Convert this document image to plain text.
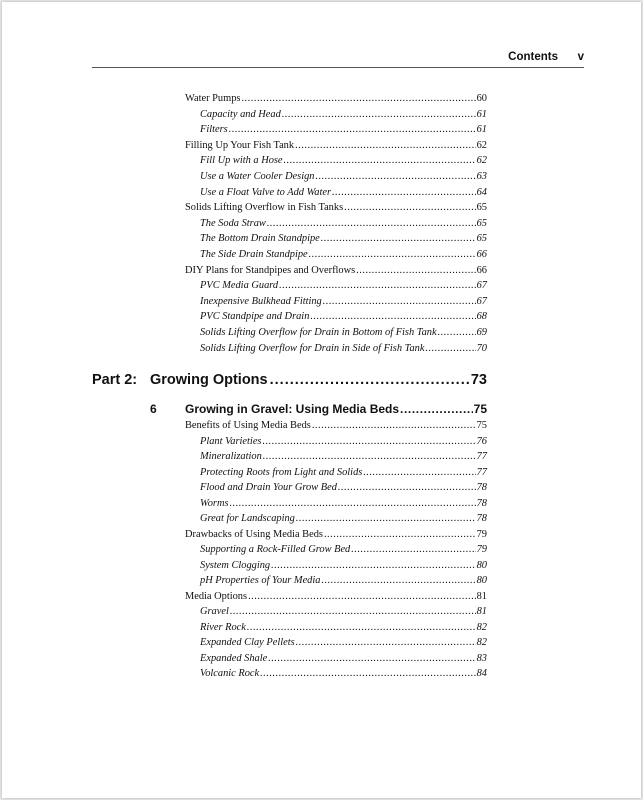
Contents v
Water Pumps .....	60
Capacity and Head .....	61
Filters .....	61
Filling Up Your Fish Tank .....	62
Fill Up with a Hose .....	62
Use a Water Cooler Design .....	63
Use a Float Valve to Add Water .....	64
Solids Lifting Overflow in Fish Tanks .....	65
The Soda Straw .....	65
The Bottom Drain Standpipe .....	65
The Side Drain Standpipe .....	66
DIY Plans for Standpipes and Overflows .....	66
PVC Media Guard .....	67
Inexpensive Bulkhead Fitting .....	67
PVC Standpipe and Drain .....	68
Solids Lifting Overflow for Drain in Bottom of Fish Tank .....	69
Solids Lifting Overflow for Drain in Side of Fish Tank .....	70
Part 2: Growing Options .....	73
6	Growing in Gravel: Using Media Beds .....	75
Benefits of Using Media Beds .....	75
Plant Varieties .....	76
Mineralization .....	77
Protecting Roots from Light and Solids .....	77
Flood and Drain Your Grow Bed .....	78
Worms .....	78
Great for Landscaping .....	78
Drawbacks of Using Media Beds .....	79
Supporting a Rock-Filled Grow Bed .....	79
System Clogging .....	80
pH Properties of Your Media .....	80
Media Options .....	81
Gravel .....	81
River Rock .....	82
Expanded Clay Pellets .....	82
Expanded Shale .....	83
Volcanic Rock .....	84
